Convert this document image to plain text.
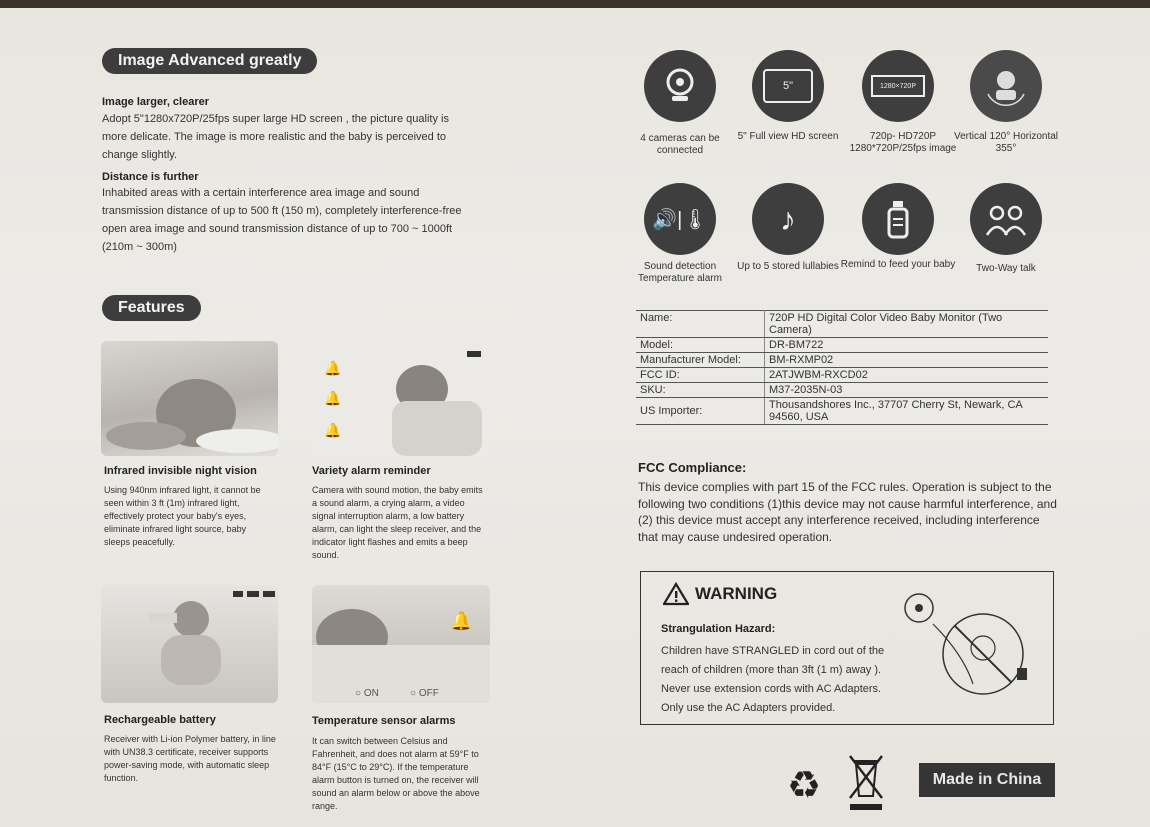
Image Advanced greatly
Image larger, clearer
Adopt 5"1280x720P/25fps super large HD screen , the picture quality is more delicate. The image is more realistic and the baby is perceived to change slightly.
Distance is further
Inhabited areas with a certain interference area image and sound transmission distance of up to 500 ft (150 m), completely interference-free open area image and sound transmission distance of up to 700 ~ 1000ft (210m ~ 300m)
Features
🔔
🔔
🔔
Infrared invisible night vision
Using 940nm infrared light, it cannot be seen within 3 ft (1m) infrared light, effectively protect your baby's eyes, eliminate infrared light source, baby sleeps peacefully.
Variety alarm reminder
Camera with sound motion, the baby emits a sound alarm, a crying alarm, a video signal interruption alarm, a low battery alarm, can light the sleep receiver, and the indicator light flashes and emits a beep sound.
🔔
○ ON	○ OFF
Rechargeable battery
Receiver with Li-ion Polymer battery, in line with UN38.3 certificate, receiver supports power-saving mode, with automatic sleep function.
Temperature sensor alarms
It can switch between Celsius and Fahrenheit, and does not alarm at 59°F to 84°F (15°C to 29°C). If the temperature alarm button is turned on, the receiver will sound an alarm below or above the above range.
5"	1280×720P
4 cameras can be connected
5" Full view HD screen	720p- HD720P 1280*720P/25fps image
Vertical 120° Horizontal 355°
🔊|🌡 ♪
Sound detection Temperature alarm
Up to 5 stored lullabies Remind to feed your baby	Two-Way talk
Name:	720P HD Digital Color Video Baby Monitor (Two Camera)
Model:	DR-BM722
Manufacturer Model:	BM-RXMP02
FCC ID:	2ATJWBM-RXCD02
SKU:	M37-2035N-03
US Importer:	Thousandshores Inc., 37707 Cherry St, Newark, CA 94560, USA
FCC Compliance:
This device complies with part 15 of the FCC rules. Operation is subject to the following two conditions (1)this device may not cause harmful interference, and (2) this device must accept any interference received, including interference that may cause undesired operation.
WARNING
Strangulation Hazard:
Children have STRANGLED in cord out of the
reach of children (more than 3ft (1 m) away ).
Never use extension cords with AC Adapters.
Only use the AC Adapters provided.
♻	Made in China
